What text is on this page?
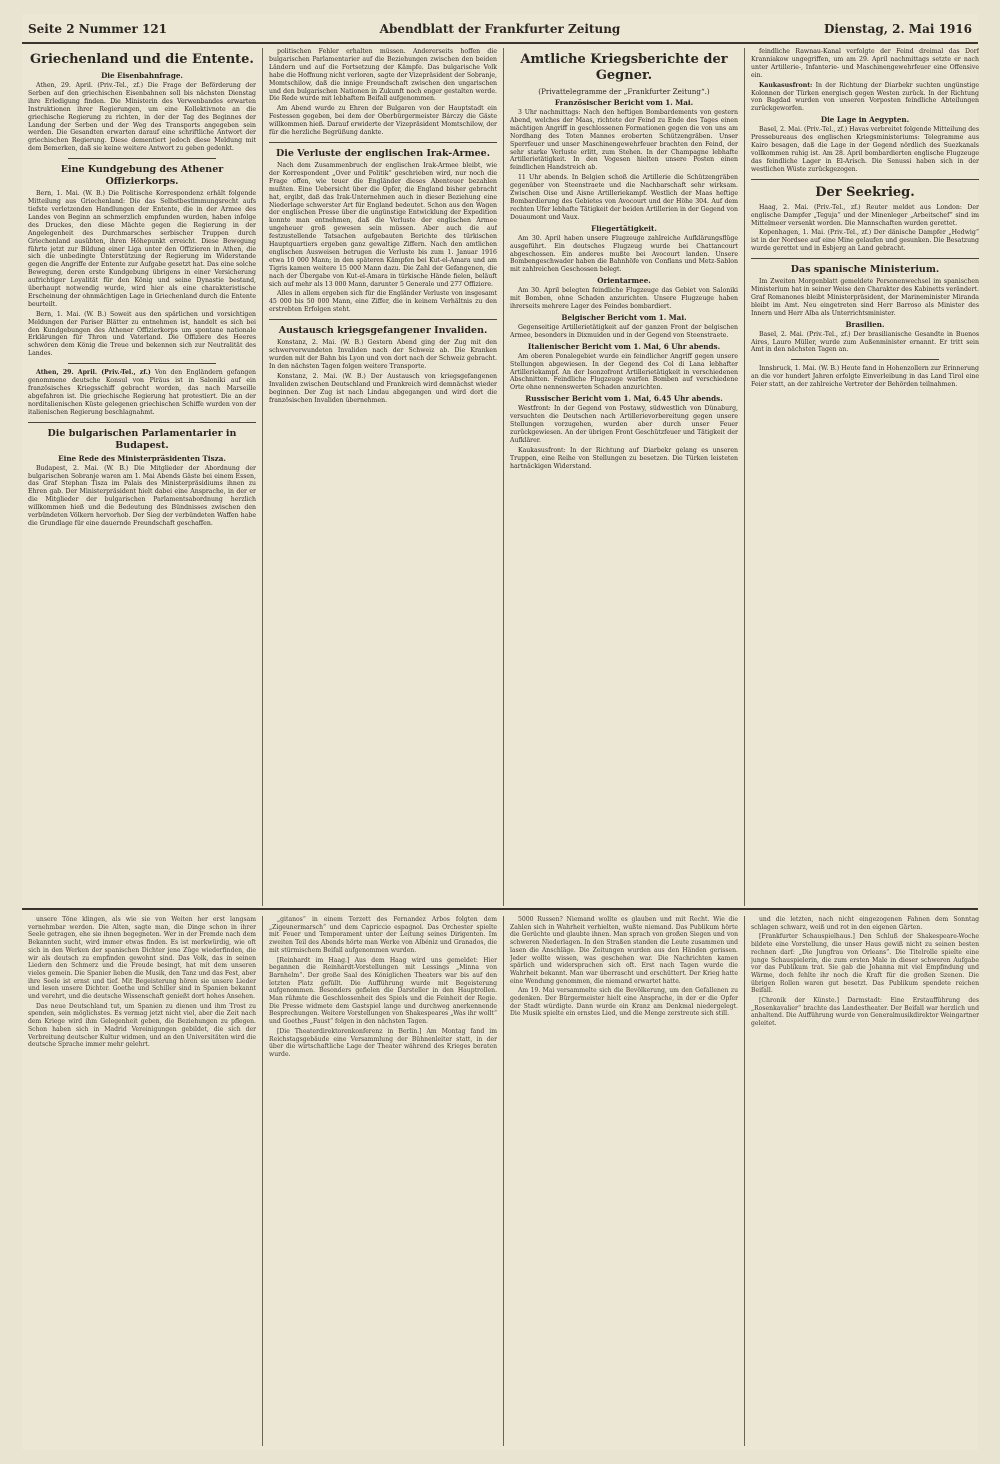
Seite 2 Nummer 121	Abendblatt der Frankfurter Zeitung	Dienstag, 2. Mai 1916
Griechenland und die Entente.
Die Eisenbahnfrage.

Athen, 29. April. (Priv.-Tel., zf.) Die Frage der Beförderung der Serben auf den griechischen Eisenbahnen soll bis nächsten Dienstag ihre Erledigung finden. Die Ministerin des Verwenbandes erwarten Instruktionen ihrer Regierungen, um eine Kollektivnote an die griechische Regierung zu richten, in der der Tag des Beginnes der Landung der Serben und der Weg des Transports angegeben sein werden. Die Gesandten erwarten darauf eine schriftliche Antwort der griechischen Regierung. Diese dementiert jedoch diese Meldung mit dem Bemerken, daß sie keine weitere Antwort zu geben gedenkt.

Eine Kundgebung des Athener Offizierkorps.

Bern, 1. Mai. (W. B.) Die Politische Korrespondenz erhält folgende Mitteilung aus Griechenland: Die das Selbstbestimmungsrecht aufs tiefste verletzenden Handlungen der Entente, die in der Armee des Landes von Beginn an schmerzlich empfunden wurden, haben infolge des Druckes, den diese Mächte gegen die Regierung in der Angelegenheit des Durchmarsches serbischer Truppen durch Griechenland ausübten, ihren Höhepunkt erreicht. Diese Bewegung führte jetzt zur Bildung einer Liga unter den Offizieren in Athen, die sich die unbedingte Unterstützung der Regierung im Widerstande gegen die Angriffe der Entente zur Aufgabe gesetzt hat. Das eine solche Bewegung, deren erste Kundgebung übrigens in einer Versicherung aufrichtiger Loyalität für den König und seine Dynastie bestand, überhaupt notwendig wurde, wird hier als eine charakteristische Erscheinung der ohnmächtigen Lage in Griechenland durch die Entente beurteilt.

Bern, 1. Mai. (W. B.) Soweit aus den spärlichen und vorsichtigen Meldungen der Pariser Blätter zu entnehmen ist, handelt es sich bei den Kundgebungen des Athener Offizierkorps um spontane nationale Erklärungen für Thron und Vaterland. Die Offiziere des Heeres schwören dem König die Treue und bekennen sich zur Neutralität des Landes.

Athen, 29. April. (Priv.-Tel., zf.) Von den Engländern gefangen genommene deutsche Konsul von Piräus ist in Saloniki auf ein französisches Kriegsschiff gebracht worden, das nach Marseille abgefahren ist. Die griechische Regierung hat protestiert. Die an der norditalienischen Küste gelegenen griechischen Schiffe wurden von der italienischen Regierung beschlagnahmt.

Die bulgarischen Parlamentarier in Budapest.
Eine Rede des Ministerpräsidenten Tisza.

Budapest, 2. Mai. (W. B.) Die Mitglieder der Abordnung der bulgarischen Sobranje waren am 1. Mai Abends Gäste bei einem Essen, das Graf Stephan Tisza im Palais des Ministerpräsidiums ihnen zu Ehren gab. Der Ministerpräsident hielt dabei eine Ansprache, in der er die Mitglieder der bulgarischen Parlamentsabordnung herzlich willkommen hieß und die Bedeutung des Bündnisses zwischen den verbündeten Völkern hervorhob. Der Sieg der verbündeten Waffen habe die Grundlage für eine dauernde Freundschaft geschaffen.

politischen Fehler erhalten müssen. Andererseits hoffen die bulgarischen Parlamentarier auf die Beziehungen zwischen den beiden Ländern und auf die Fortsetzung der Kämpfe. Das bulgarische Volk habe die Hoffnung nicht verloren, sagte der Vizepräsident der Sobranje, Momtschilow, daß die innige Freundschaft zwischen den ungarischen und den bulgarischen Nationen in Zukunft noch enger gestalten werde. Die Rede wurde mit lebhaftem Beifall aufgenommen.

Am Abend wurde zu Ehren der Bulgaren von der Hauptstadt ein Festessen gegeben, bei dem der Oberbürgermeister Bárczy die Gäste willkommen hieß. Darauf erwiderte der Vizepräsident Momtschilow, der für die herzliche Begrüßung dankte.

Die Verluste der englischen Irak-Armee.

Nach dem Zusammenbruch der englischen Irak-Armee bleibt, wie der Korrespondent „Over und Politik“ geschrieben wird, nur noch die Frage offen, wie teuer die Engländer dieses Abenteuer bezahlen mußten. Eine Uebersicht über die Opfer, die England bisher gebracht hat, ergibt, daß das Irak-Unternehmen auch in dieser Beziehung eine Niederlage schwerster Art für England bedeutet. Schon aus den Wagen der englischen Presse über die ungünstige Entwicklung der Expedition konnte man entnehmen, daß die Verluste der englischen Armee ungeheuer groß gewesen sein müssen. Aber auch die auf festzustellende Tatsachen aufgebauten Berichte des türkischen Hauptquartiers ergeben ganz gewaltige Ziffern. Nach den amtlichen englischen Ausweisen betrugen die Verluste bis zum 1. Januar 1916 etwa 10 000 Mann; in den späteren Kämpfen bei Kut-el-Amara und am Tigris kamen weitere 15 000 Mann dazu. Die Zahl der Gefangenen, die nach der Übergabe von Kut-el-Amara in türkische Hände fielen, beläuft sich auf mehr als 13 000 Mann, darunter 5 Generale und 277 Offiziere.

Alles in allem ergeben sich für die Engländer Verluste von insgesamt 45 000 bis 50 000 Mann, eine Ziffer, die in keinem Verhältnis zu den erstrebten Erfolgen steht.

Austausch kriegsgefangener Invaliden.

Konstanz, 2. Mai. (W. B.) Gestern Abend ging der Zug mit den schwerverwundeten Invaliden nach der Schweiz ab. Die Kranken wurden mit der Bahn bis Lyon und von dort nach der Schweiz gebracht. In den nächsten Tagen folgen weitere Transporte.

Konstanz, 2. Mai. (W. B.) Der Austausch von kriegsgefangenen Invaliden zwischen Deutschland und Frankreich wird demnächst wieder beginnen. Der Zug ist nach Lindau abgegangen und wird dort die französischen Invaliden übernehmen.

Amtliche Kriegsberichte der Gegner.
(Privattelegramme der „Frankfurter Zeitung“.)
Französischer Bericht vom 1. Mai.

3 Uhr nachmittags: Nach den heftigen Bombardements von gestern Abend, welches der Maas, richtete der Feind zu Ende des Tages einen mächtigen Angriff in geschlossenen Formationen gegen die von uns am Nordhang des Toten Mannes eroberten Schützengräben. Unser Sperrfeuer und unser Maschinengewehrfeuer brachten den Feind, der sehr starke Verluste erlitt, zum Stehen. In der Champagne lebhafte Artillerietätigkeit. In den Vogesen hielten unsere Posten einen feindlichen Handstreich ab.

11 Uhr abends. In Belgien schoß die Artillerie die Schützengräben gegenüber von Steenstraete und die Nachbarschaft sehr wirksam. Zwischen Oise und Aisne Artilleriekampf. Westlich der Maas heftige Bombardierung des Gebietes von Avocourt und der Höhe 304. Auf dem rechten Ufer lebhafte Tätigkeit der beiden Artillerien in der Gegend von Douaumont und Vaux.

Fliegertätigkeit.

Am 30. April haben unsere Flugzeuge zahlreiche Aufklärungsflüge ausgeführt. Ein deutsches Flugzeug wurde bei Chattancourt abgeschossen. Ein anderes mußte bei Avocourt landen. Unsere Bombengeschwader haben die Bahnhöfe von Conflans und Metz-Sablon mit zahlreichen Geschossen belegt.

Orientarmee.

Am 30. April belegten feindliche Flugzeuge das Gebiet von Saloniki mit Bomben, ohne Schaden anzurichten. Unsere Flugzeuge haben ihrerseits mehrere Lager des Feindes bombardiert.

Belgischer Bericht vom 1. Mai.

Gegenseitige Artillerietätigkeit auf der ganzen Front der belgischen Armee, besonders in Dixmuiden und in der Gegend von Steenstraete.

Italienischer Bericht vom 1. Mai, 6 Uhr abends.

Am oberen Ponalegebiet wurde ein feindlicher Angriff gegen unsere Stellungen abgewiesen. In der Gegend des Col di Lana lebhafter Artilleriekampf. An der Isonzofront Artillerietätigkeit in verschiedenen Abschnitten. Feindliche Flugzeuge warfen Bomben auf verschiedene Orte ohne nennenswerten Schaden anzurichten.

Russischer Bericht vom 1. Mai, 6.45 Uhr abends.

Westfront: In der Gegend von Postawy, südwestlich von Dünaburg, versuchten die Deutschen nach Artillerievorbereitung gegen unsere Stellungen vorzugehen, wurden aber durch unser Feuer zurückgewiesen. An der übrigen Front Geschützfeuer und Tätigkeit der Aufklärer.

Kaukasusfront: In der Richtung auf Diarbekr gelang es unseren Truppen, eine Reihe von Stellungen zu besetzen. Die Türken leisteten hartnäckigen Widerstand.

feindliche Rawnau-Kanal verfolgte der Feind dreimal das Dorf Kranniakow ungegriffen, um am 29. April nachmittags setzte er nach unter Artillerie-, Infanterie- und Maschinengewehrfeuer eine Offensive ein.

Kaukasusfront: In der Richtung der Diarbekr suchten ungünstige Kolonnen der Türken energisch gegen Westen zurück. In der Richtung von Bagdad wurden von unseren Vorposten feindliche Abteilungen zurückgeworfen.

Die Lage in Aegypten.

Basel, 2. Mai. (Priv.-Tel., zf.) Havas verbreitet folgende Mitteilung des Pressebureaus des englischen Kriegsministeriums: Telegramme aus Kairo besagen, daß die Lage in der Gegend nördlich des Suezkanals vollkommen ruhig ist. Am 28. April bombardierten englische Flugzeuge das feindliche Lager in El-Arisch. Die Senussi haben sich in der westlichen Wüste zurückgezogen.

Der Seekrieg.

Haag, 2. Mai. (Priv.-Tel., zf.) Reuter meldet aus London: Der englische Dampfer „Teguja“ und der Minenleger „Arbeitschef“ sind im Mittelmeer versenkt worden. Die Mannschaften wurden gerettet.

Kopenhagen, 1. Mai. (Priv.-Tel., zf.) Der dänische Dampfer „Hedwig“ ist in der Nordsee auf eine Mine gelaufen und gesunken. Die Besatzung wurde gerettet und in Esbjerg an Land gebracht.

Das spanische Ministerium.

Im Zweiten Morgenblatt gemeldete Personenwechsel im spanischen Ministerium hat in seiner Weise den Charakter des Kabinetts verändert. Graf Romanones bleibt Ministerpräsident, der Marineminister Miranda bleibt im Amt. Neu eingetreten sind Herr Barroso als Minister des Innern und Herr Alba als Unterrichtsminister.

Brasilien.

Basel, 2. Mai. (Priv.-Tel., zf.) Der brasilianische Gesandte in Buenos Aires, Lauro Müller, wurde zum Außenminister ernannt. Er tritt sein Amt in den nächsten Tagen an.

Innsbruck, 1. Mai. (W. B.) Heute fand in Hohenzollern zur Erinnerung an die vor hundert Jahren erfolgte Einverleibung in das Land Tirol eine Feier statt, an der zahlreiche Vertreter der Behörden teilnahmen.

unsere Töne klingen, als wie sie von Weiten her erst langsam vernehmbar werden. Die Alten, sagte man, die Dinge schon in ihrer Seele getragen, ehe sie ihnen begegneten. Wer in der Fremde nach dem Bekannten sucht, wird immer etwas finden. Es ist merkwürdig, wie oft sich in den Werken der spanischen Dichter jene Züge wiederfinden, die wir als deutsch zu empfinden gewohnt sind. Das Volk, das in seinen Liedern den Schmerz und die Freude besingt, hat mit dem unseren vieles gemein. Die Spanier lieben die Musik, den Tanz und das Fest, aber ihre Seele ist ernst und tief. Mit Begeisterung hören sie unsere Lieder und lesen unsere Dichter. Goethe und Schiller sind in Spanien bekannt und verehrt, und die deutsche Wissenschaft genießt dort hohes Ansehen.

Das neue Deutschland tut, um Spanien zu dienen und ihm Trost zu spenden, sein möglichstes. Es vermag jetzt nicht viel, aber die Zeit nach dem Kriege wird ihm Gelegenheit geben, die Beziehungen zu pflegen. Schon haben sich in Madrid Vereinigungen gebildet, die sich der Verbreitung deutscher Kultur widmen, und an den Universitäten wird die deutsche Sprache immer mehr gelehrt.

„gitanos“ in einem Terzett des Fernandez Arbos folgten dem „Zigeunermarsch“ und dem Capriccio espagnol. Das Orchester spielte mit Feuer und Temperament unter der Leitung seines Dirigenten. Im zweiten Teil des Abends hörte man Werke von Albéniz und Granados, die mit stürmischem Beifall aufgenommen wurden.

[Reinhardt im Haag.] Aus dem Haag wird uns gemeldet: Hier begannen die Reinhardt-Vorstellungen mit Lessings „Minna von Barnhelm“. Der große Saal des Königlichen Theaters war bis auf den letzten Platz gefüllt. Die Aufführung wurde mit Begeisterung aufgenommen. Besonders gefielen die Darsteller in den Hauptrollen. Man rühmte die Geschlossenheit des Spiels und die Feinheit der Regie. Die Presse widmete dem Gastspiel lange und durchweg anerkennende Besprechungen. Weitere Vorstellungen von Shakespeares „Was ihr wollt“ und Goethes „Faust“ folgen in den nächsten Tagen.

[Die Theaterdirektorenkonferenz in Berlin.] Am Montag fand im Reichstagsgebäude eine Versammlung der Bühnenleiter statt, in der über die wirtschaftliche Lage der Theater während des Krieges beraten wurde.

5000 Russen? Niemand wollte es glauben und mit Recht. Wie die Zahlen sich in Wahrheit verhielten, wußte niemand. Das Publikum hörte die Gerüchte und glaubte ihnen. Man sprach von großen Siegen und von schweren Niederlagen. In den Straßen standen die Leute zusammen und lasen die Anschläge. Die Zeitungen wurden aus den Händen gerissen. Jeder wollte wissen, was geschehen war. Die Nachrichten kamen spärlich und widersprachen sich oft. Erst nach Tagen wurde die Wahrheit bekannt. Man war überrascht und erschüttert. Der Krieg hatte eine Wendung genommen, die niemand erwartet hatte.

Am 19. Mai versammelte sich die Bevölkerung, um den Gefallenen zu gedenken. Der Bürgermeister hielt eine Ansprache, in der er die Opfer der Stadt würdigte. Dann wurde ein Kranz am Denkmal niedergelegt. Die Musik spielte ein ernstes Lied, und die Menge zerstreute sich still.

und die letzten, nach nicht eingezogenen Fahnen dem Sonntag schlagen schwarz, weiß und rot in den eigenen Gärten.

[Frankfurter Schauspielhaus.] Den Schluß der Shakespeare-Woche bildete eine Vorstellung, die unser Haus gewiß nicht zu seinen besten rechnen darf: „Die Jungfrau von Orleans“. Die Titelrolle spielte eine junge Schauspielerin, die zum ersten Male in dieser schweren Aufgabe vor das Publikum trat. Sie gab die Johanna mit viel Empfindung und Wärme, doch fehlte ihr noch die Kraft für die großen Szenen. Die übrigen Rollen waren gut besetzt. Das Publikum spendete reichen Beifall.

[Chronik der Künste.] Darmstadt: Eine Erstaufführung des „Rosenkavalier“ brachte das Landestheater. Der Beifall war herzlich und anhaltend. Die Aufführung wurde von Generalmusikdirektor Weingartner geleitet.
